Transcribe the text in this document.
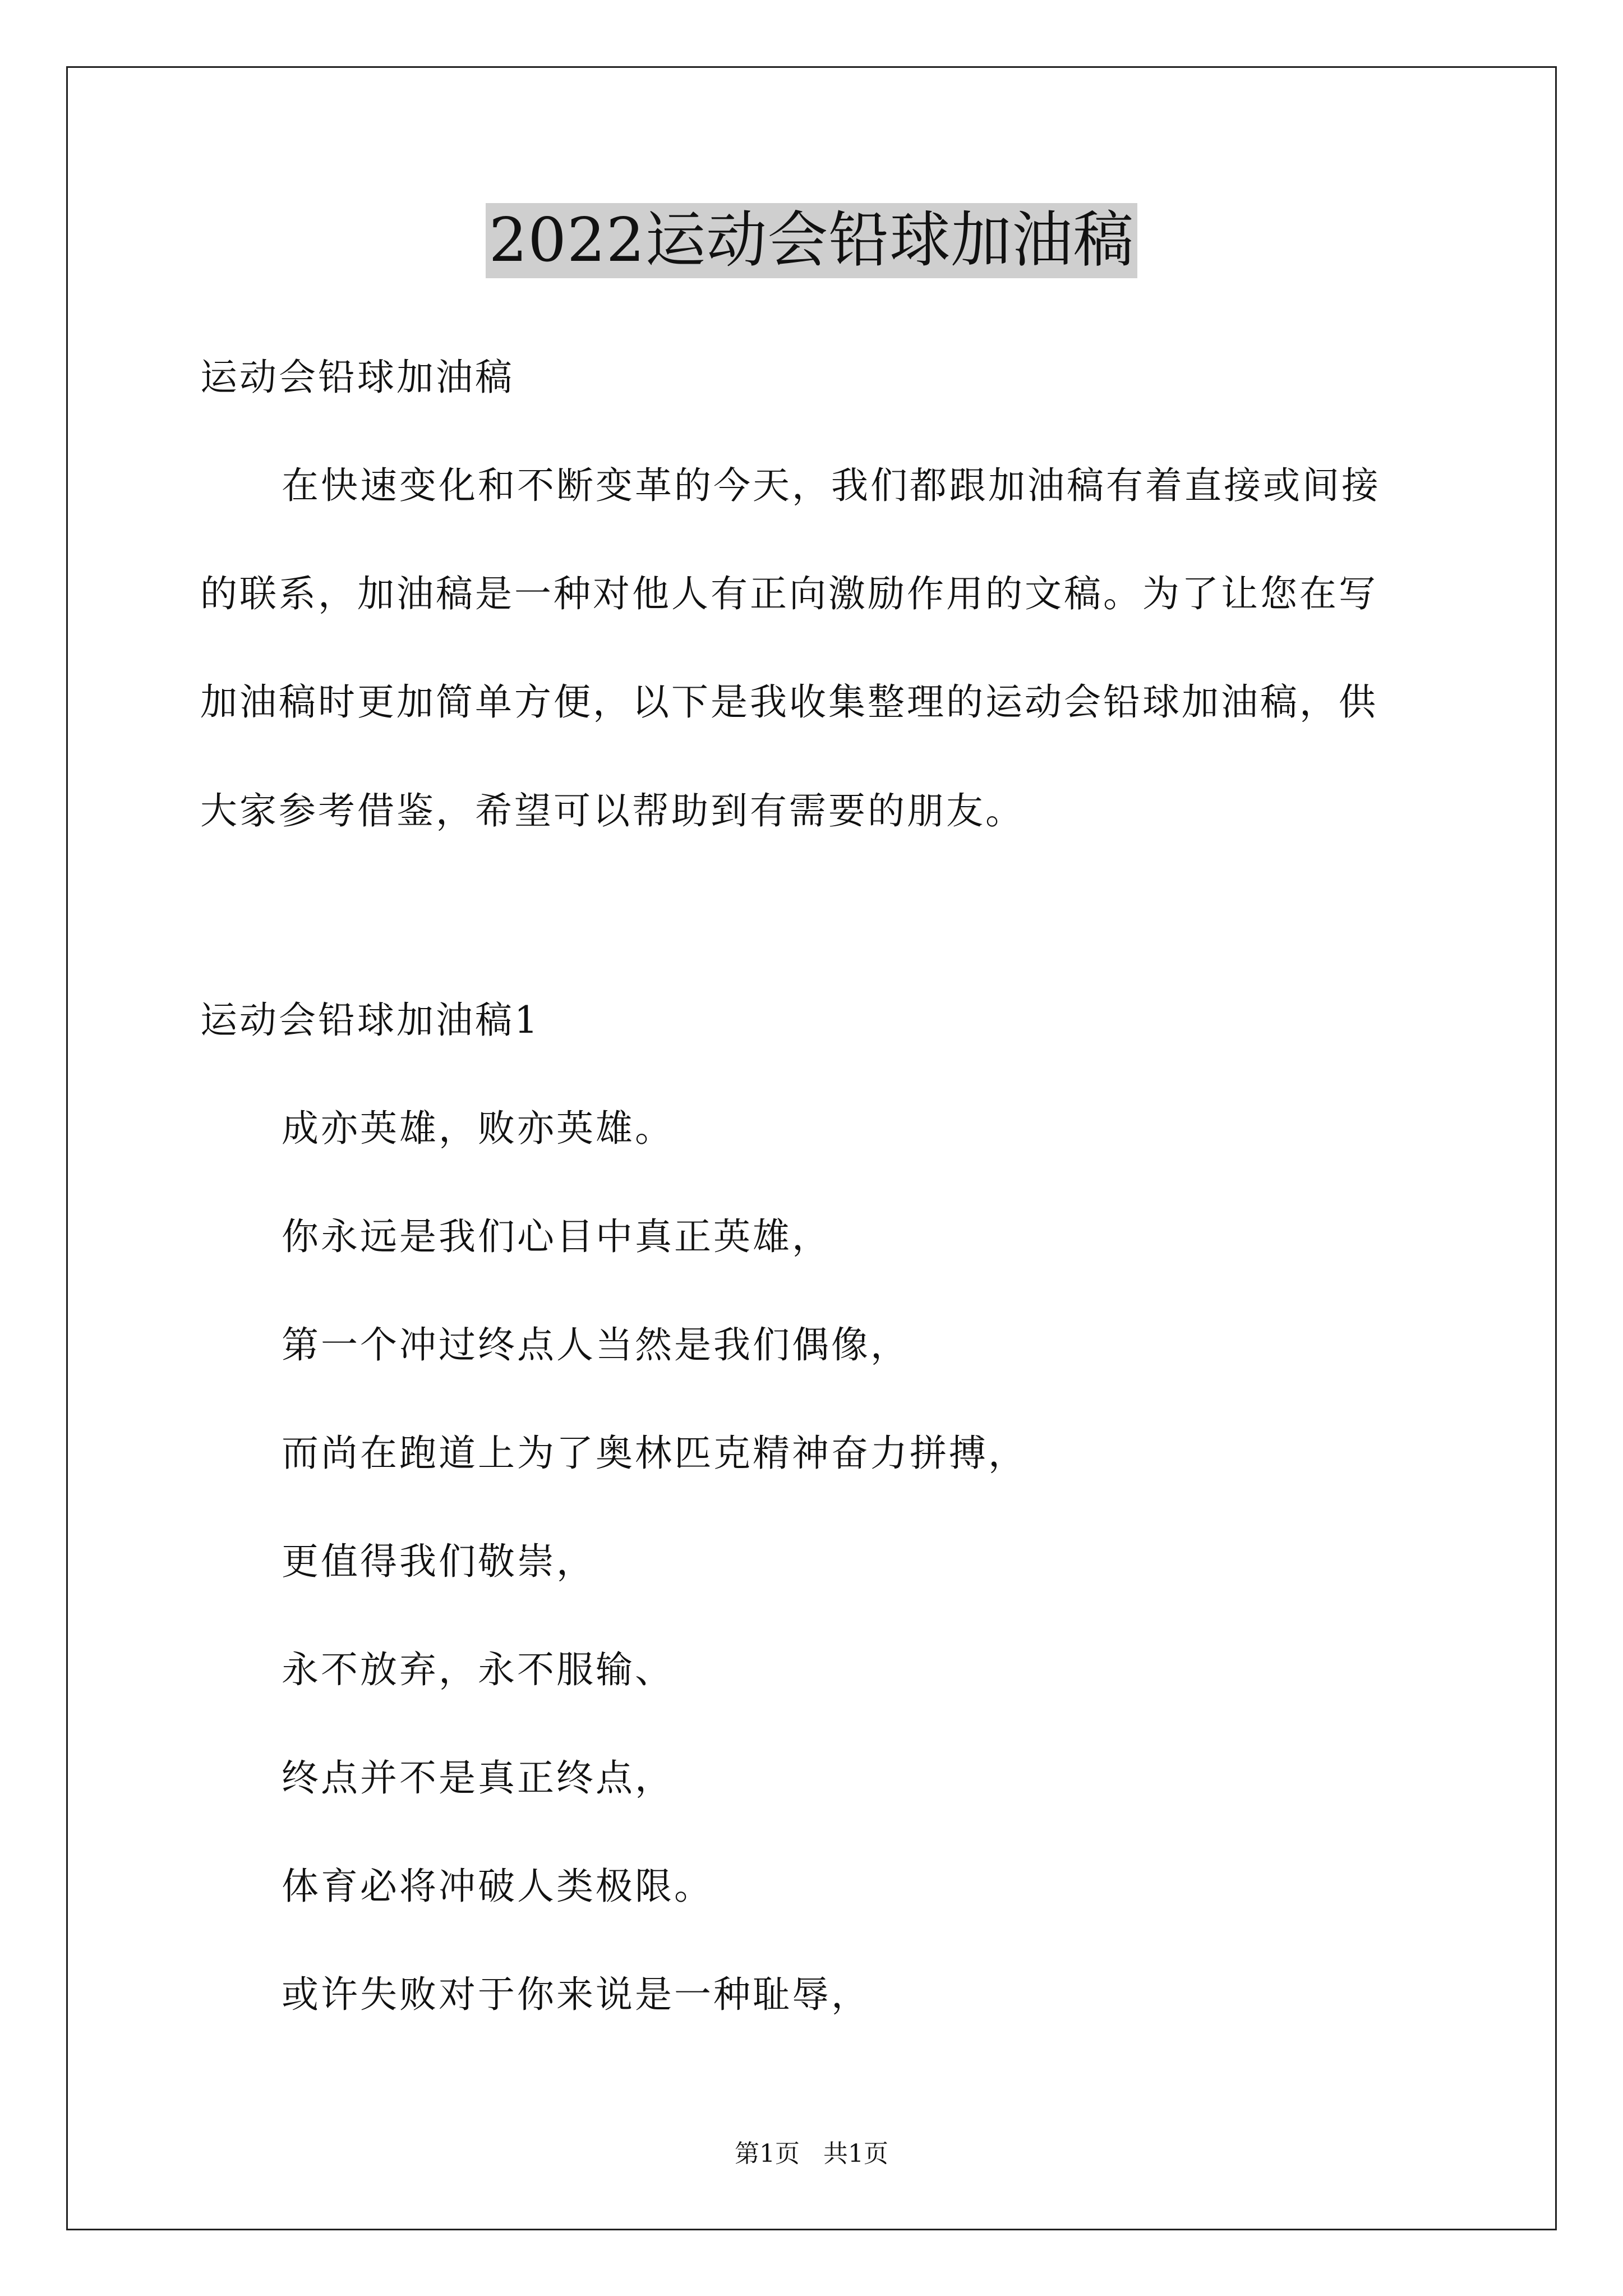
2022运动会铅球加油稿
运动会铅球加油稿
在快速变化和不断变革的今天，我们都跟加油稿有着直接或间接
的联系，加油稿是一种对他人有正向激励作用的文稿。为了让您在写
加油稿时更加简单方便，以下是我收集整理的运动会铅球加油稿，供
大家参考借鉴，希望可以帮助到有需要的朋友。
运动会铅球加油稿1
成亦英雄，败亦英雄。
你永远是我们心目中真正英雄，
第一个冲过终点人当然是我们偶像，
而尚在跑道上为了奥林匹克精神奋力拼搏，
更值得我们敬崇，
永不放弃，永不服输、
终点并不是真正终点，
体育必将冲破人类极限。
或许失败对于你来说是一种耻辱，
第1页 共1页
